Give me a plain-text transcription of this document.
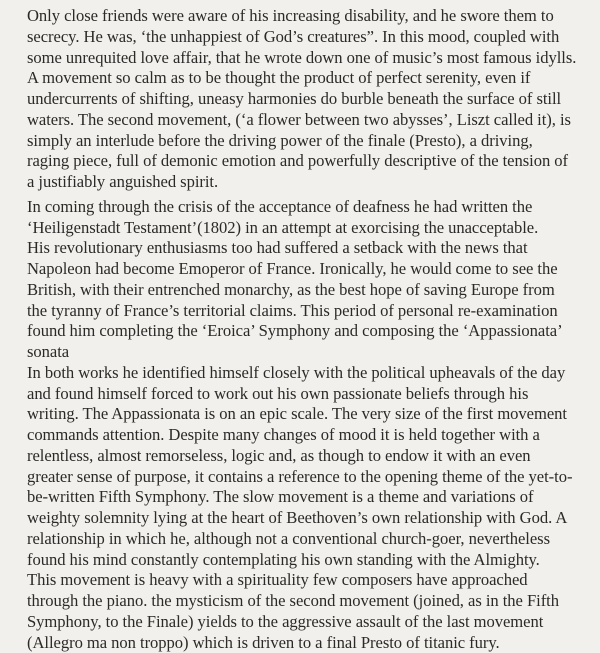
Only close friends were aware of his increasing disability, and he swore them to
secrecy. He was, ‘the unhappiest of God’s creatures”. In this mood, coupled with
some unrequited love affair, that he wrote down one of music’s most famous idylls.
A movement so calm as to be thought the product of perfect serenity, even if
undercurrents of shifting, uneasy harmonies do burble beneath the surface of still
waters. The second movement, (‘a flower between two abysses’, Liszt called it), is
simply an interlude before the driving power of the finale (Presto), a driving,
raging piece, full of demonic emotion and powerfully descriptive of the tension of
a justifiably anguished spirit.

In coming through the crisis of the acceptance of deafness he had written the
‘Heiligenstadt Testament’(1802) in an attempt at exorcising the unacceptable.
His revolutionary enthusiasms too had suffered a setback with the news that
Napoleon had become Emoperor of France. Ironically, he would come to see the
British, with their entrenched monarchy, as the best hope of saving Europe from
the tyranny of France’s territorial claims. This period of personal re-examination
found him completing the ‘Eroica’ Symphony and composing the ‘Appassionata’
sonata

In both works he identified himself closely with the political upheavals of the day
and found himself forced to work out his own passionate beliefs through his
writing. The Appassionata is on an epic scale. The very size of the first movement
commands attention. Despite many changes of mood it is held together with a
relentless, almost remorseless, logic and, as though to endow it with an even
greater sense of purpose, it contains a reference to the opening theme of the yet-to-
be-written Fifth Symphony. The slow movement is a theme and variations of
weighty solemnity lying at the heart of Beethoven’s own relationship with God. A
relationship in which he, although not a conventional church-goer, nevertheless
found his mind constantly contemplating his own standing with the Almighty.
This movement is heavy with a spirituality few composers have approached
through the piano. the mysticism of the second movement (joined, as in the Fifth
Symphony, to the Finale) yields to the aggressive assault of the last movement
(Allegro ma non troppo) which is driven to a final Presto of titanic fury.
